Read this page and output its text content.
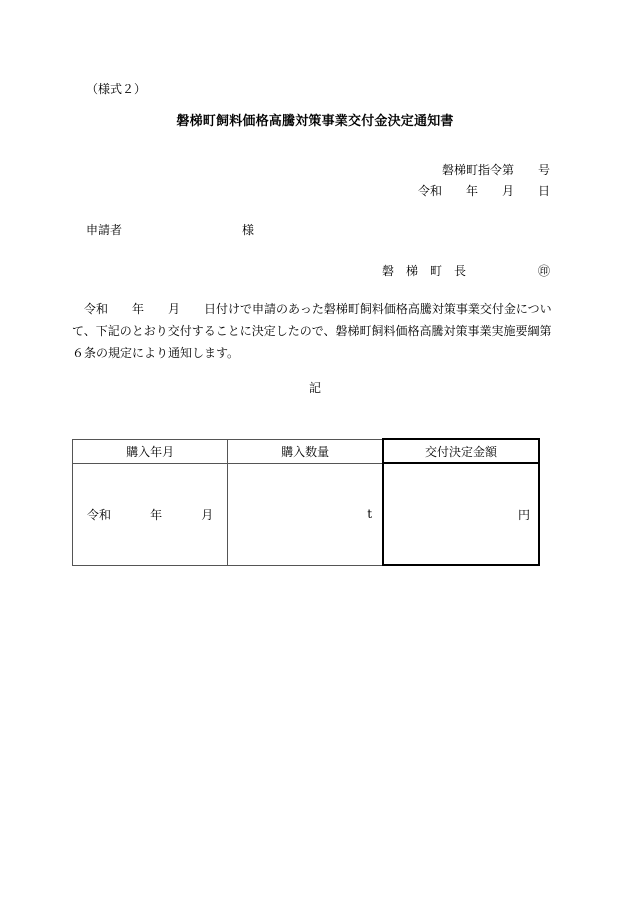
（様式２）
磐梯町飼料価格高騰対策事業交付金決定通知書
磐梯町指令第　　号
令和　　年　　月　　日
申請者　　　　　　　　　　様
磐　梯　町　長　　　　　　㊞

令和　　年　　月　　日付けで申請のあった磐梯町飼料価格高騰対策事業交付金につい

て、下記のとおり交付することに決定したので、磐梯町飼料価格高騰対策事業実施要綱第

６条の規定により通知します。

記
購入年月	購入数量	交付決定金額

令和 年 月	t	円
